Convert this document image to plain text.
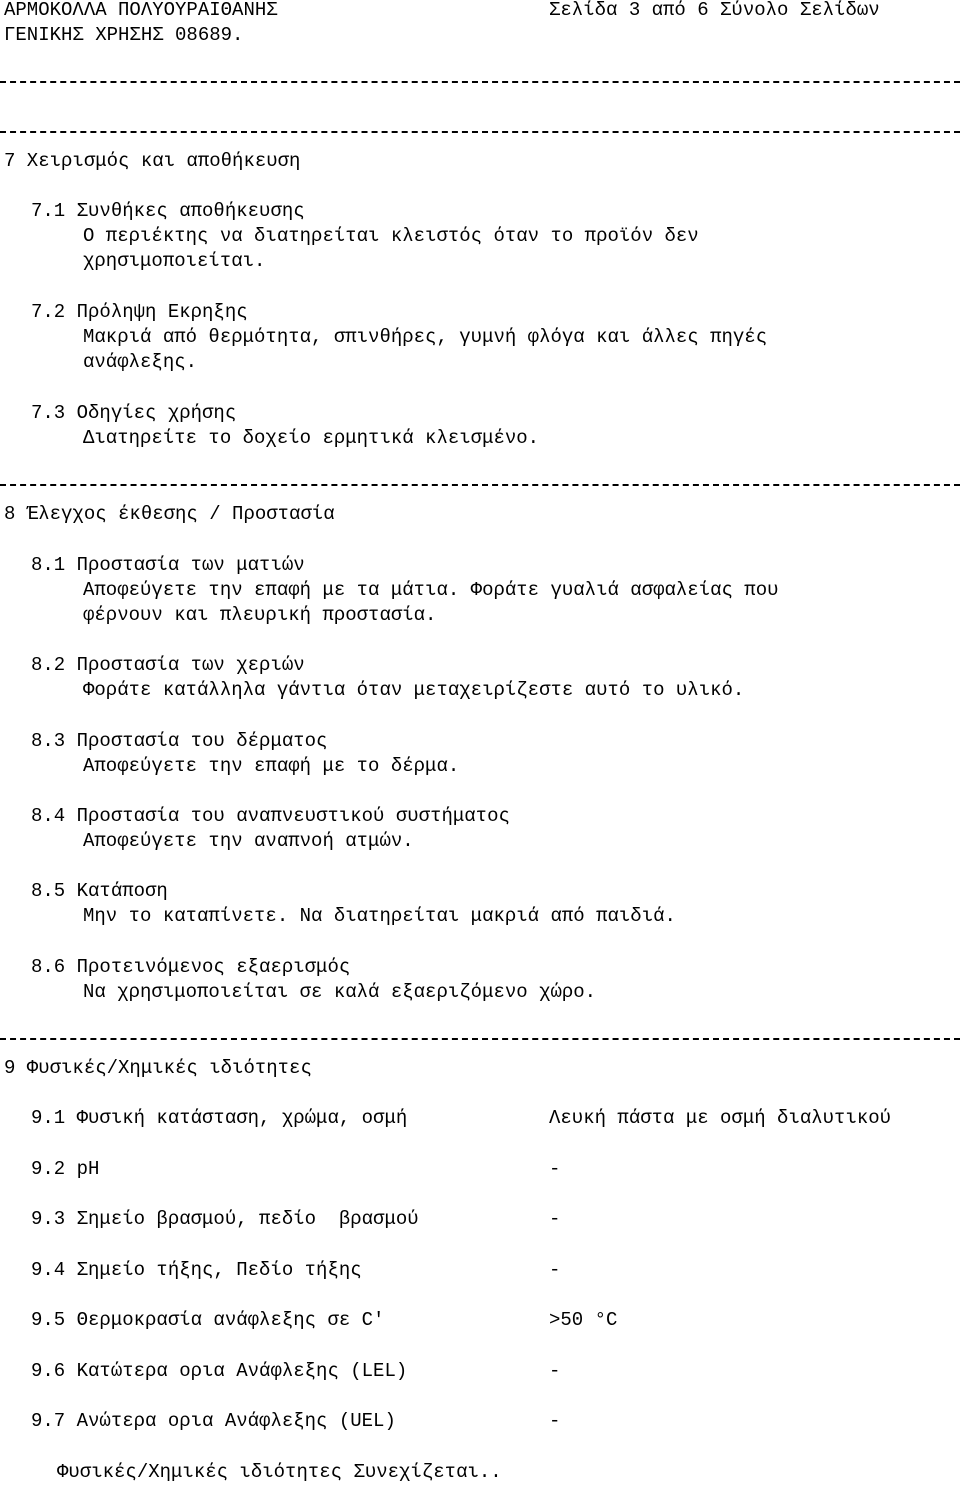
ΑΡΜΟΚΟΛΛΑ ΠΟΛΥΟΥΡΑΙΘΑΝΗΣ	Σελίδα 3 από 6 Σύνολο Σελίδων
ΓΕΝΙΚΗΣ ΧΡΗΣΗΣ 08689.
7 Χειρισμός και αποθήκευση
7.1 Συνθήκες αποθήκευσης
Ο περιέκτης να διατηρείται κλειστός όταν το προϊόν δεν
χρησιμοποιείται.
7.2 Πρόληψη Εκρηξης
Μακριά από θερμότητα, σπινθήρες, γυμνή φλόγα και άλλες πηγές
ανάφλεξης.
7.3 Οδηγίες χρήσης
Διατηρείτε το δοχείο ερμητικά κλεισμένο.
8 Έλεγχος έκθεσης / Προστασία
8.1 Προστασία των ματιών
Αποφεύγετε την επαφή με τα μάτια. Φοράτε γυαλιά ασφαλείας που
φέρνουν και πλευρική προστασία.
8.2 Προστασία των χεριών
Φοράτε κατάλληλα γάντια όταν μεταχειρίζεστε αυτό το υλικό.
8.3 Προστασία του δέρματος
Αποφεύγετε την επαφή με το δέρμα.
8.4 Προστασία του αναπνευστικού συστήματος
Αποφεύγετε την αναπνοή ατμών.
8.5 Κατάποση
Μην το καταπίνετε. Να διατηρείται μακριά από παιδιά.
8.6 Προτεινόμενος εξαερισμός
Να χρησιμοποιείται σε καλά εξαεριζόμενο χώρο.
9 Φυσικές/Χημικές ιδιότητες
9.1 Φυσική κατάσταση, χρώμα, οσμή	Λευκή πάστα με οσμή διαλυτικού
9.2 pH	-
9.3 Σημείο βρασμού, πεδίο  βρασμού	-
9.4 Σημείο τήξης, Πεδίο τήξης	-
9.5 Θερμοκρασία ανάφλεξης σε C'	>50 °C
9.6 Κατώτερα ορια Ανάφλεξης (LEL)	-
9.7 Ανώτερα ορια Ανάφλεξης (UEL)	-
Φυσικές/Χημικές ιδιότητες Συνεχίζεται..
